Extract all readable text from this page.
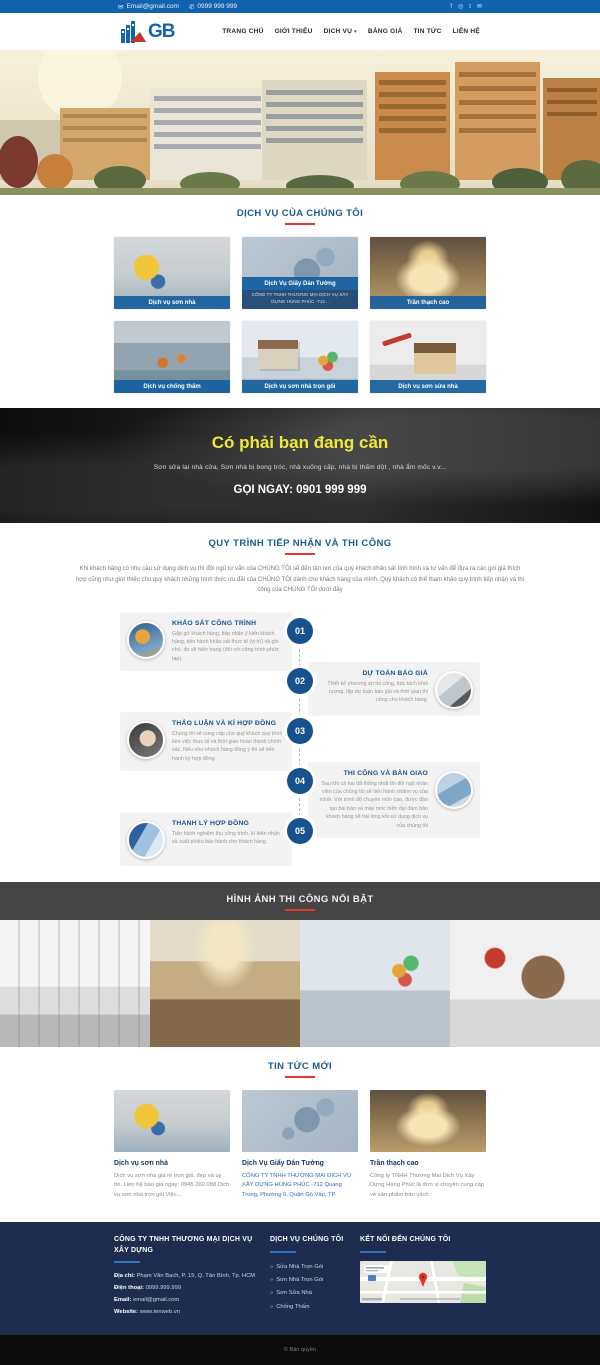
✉ Email@gmail.com ✆ 0999 999 999	f ◎ t ✉
GB	TRANG CHỦ GIỚI THIỆU DỊCH VỤ ▾ BẢNG GIÁ TIN TỨC LIÊN HỆ
DỊCH VỤ CỦA CHÚNG TÔI
Dịch vụ sơn nhà
Dịch Vụ Giấy Dán Tường
CÔNG TY TNHH THƯƠNG MẠI DỊCH VỤ XÂY DỰNG HÙNG PHÚC -712...	Trần thạch cao
Dịch vụ chống thấm	Dịch vụ sơn nhà trọn gói	Dịch vụ sơn sửa nhà
Có phải bạn đang cần
Sơn sửa lại nhà cửa, Sơn nhà bị bong tróc, nhà xuống cấp, nhà bị thấm dột , nhà ẩm mốc v.v...
GỌI NGAY: 0901 999 999
QUY TRÌNH TIẾP NHẬN VÀ THI CÔNG
Khi khách hàng có nhu cầu sử dụng dịch vụ thì đội ngũ tư vấn của CHÚNG TÔI sẽ đến tận nơi của quý khách khảo sát tình hình và tư vấn để đưa ra các gói giá thích hợp cũng như giới thiệu cho quý khách những hình thức ưu đãi của CHÚNG TÔI dành cho khách hàng của mình. Quý khách có thể tham khảo quy trình tiếp nhận và thi công của CHÚNG TÔI dưới đây
KHẢO SÁT CÔNG TRÌNH
Gặp gỡ khách hàng, tiếp nhận ý kiến khách hàng, tiến hành khảo sát thực tế (vị trí) và ghi chú, đo vẽ hiện trạng (đối với công trình phức tạp).
01
DỰ TOÁN BÁO GIÁ
Thiết kế phương án thi công, bóc tách khối lượng, lập dự toán báo giá và thời gian thi công cho khách hàng.
02
THẢO LUẬN VÀ KÍ HỢP ĐỒNG
Chúng tôi sẽ cung cấp cho quý khách quy trình làm việc thực tế và thời gian hoàn thành chính xác. Nếu như khách hàng đồng ý thì sẽ tiến hành ký hợp đồng
03
THI CÔNG VÀ BÀN GIAO
Sau khi cả hai đã thống nhất thì đội ngũ nhân viên của chúng tôi sẽ tiến hành nhiệm vụ của mình. Với trình độ chuyên môn cao, được đào tạo bài bản và máy móc hiện đại đảm bảo khách hàng sẽ hài lòng khi sử dụng dịch vụ của chúng tôi
04
THANH LÝ HỢP ĐỒNG
Tiến hành nghiệm thu công trình, kí biên nhận và xuất phiếu bảo hành cho khách hàng
05
HÌNH ẢNH THI CÔNG NỔI BẬT
TIN TỨC MỚI
Dịch vụ sơn nhà
Dịch vụ sơn nhà giá rẻ trọn gói, đẹp và uy tín. Liên hệ báo giá ngay: 0945.260.088 Dịch vụ sơn nhà trọn gói Việc...
Dịch Vụ Giấy Dán Tường
CÔNG TY TNHH THƯƠNG MẠI DỊCH VỤ XÂY DỰNG HÙNG PHÚC -712 Quang Trung, Phường 6, Quận Gò Vấp, TP.
Trần thạch cao
Công ty TNHH Thương Mại Dịch Vụ Xây Dựng Hùng Phúc là đơn vị chuyên cung cấp về sản phẩm trần vách
CÔNG TY TNHH THƯƠNG MẠI DỊCH VỤ XÂY DỰNG
Địa chỉ: Phạm Văn Bạch, P. 15, Q. Tân Bình, Tp. HCM
Điện thoại: 0999.999.999
Email: email@gmail.com
Website: www.tenweb.vn
DỊCH VỤ CHÚNG TÔI
» Sửa Nhà Trọn Gói
» Sơn Nhà Trọn Gói
» Sơn Sửa Nhà
» Chống Thấm
KẾT NỐI ĐẾN CHÚNG TÔI
© Bản quyền
